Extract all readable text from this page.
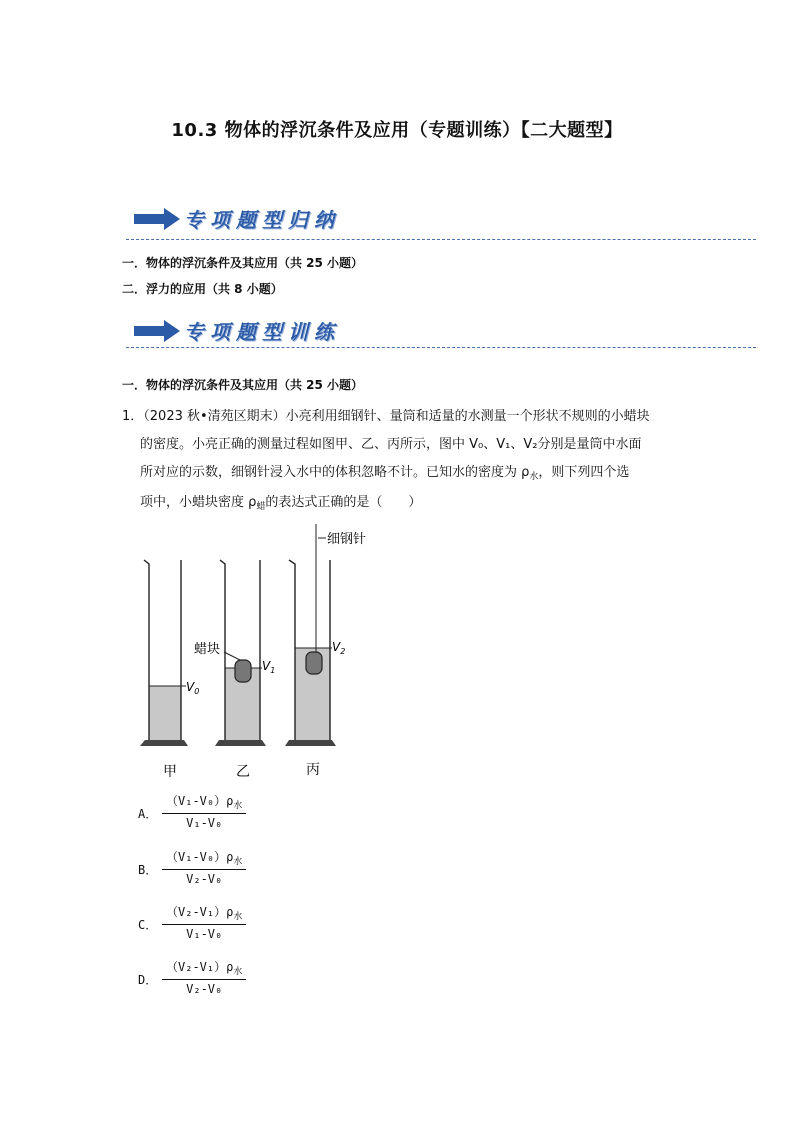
10.3 物体的浮沉条件及应用（专题训练）【二大题型】
专项题型归纳
一．物体的浮沉条件及其应用（共 25 小题）
二．浮力的应用（共 8 小题）
专项题型训练
一．物体的浮沉条件及其应用（共 25 小题）
1．（2023 秋•清苑区期末）小亮利用细钢针、量筒和适量的水测量一个形状不规则的小蜡块
的密度。小亮正确的测量过程如图甲、乙、丙所示，图中 V₀、V₁、V₂分别是量筒中水面
所对应的示数，细钢针浸入水中的体积忽略不计。已知水的密度为 $\rho_水$，则下列四个选
项中，小蜡块密度 $\rho_蜡$的表达式正确的是（　　）
细钢针
蜡块
$V_0$
$V_1$
$V_2$
甲	乙	丙
A．
$(V_1-V_0)\rho_水$
V₁-V₀
B．
$(V_1-V_0)\rho_水$
V₂-V₀
C．
$(V_2-V_1)\rho_水$
V₁-V₀
D．
$(V_2-V_1)\rho_水$
V₂-V₀
